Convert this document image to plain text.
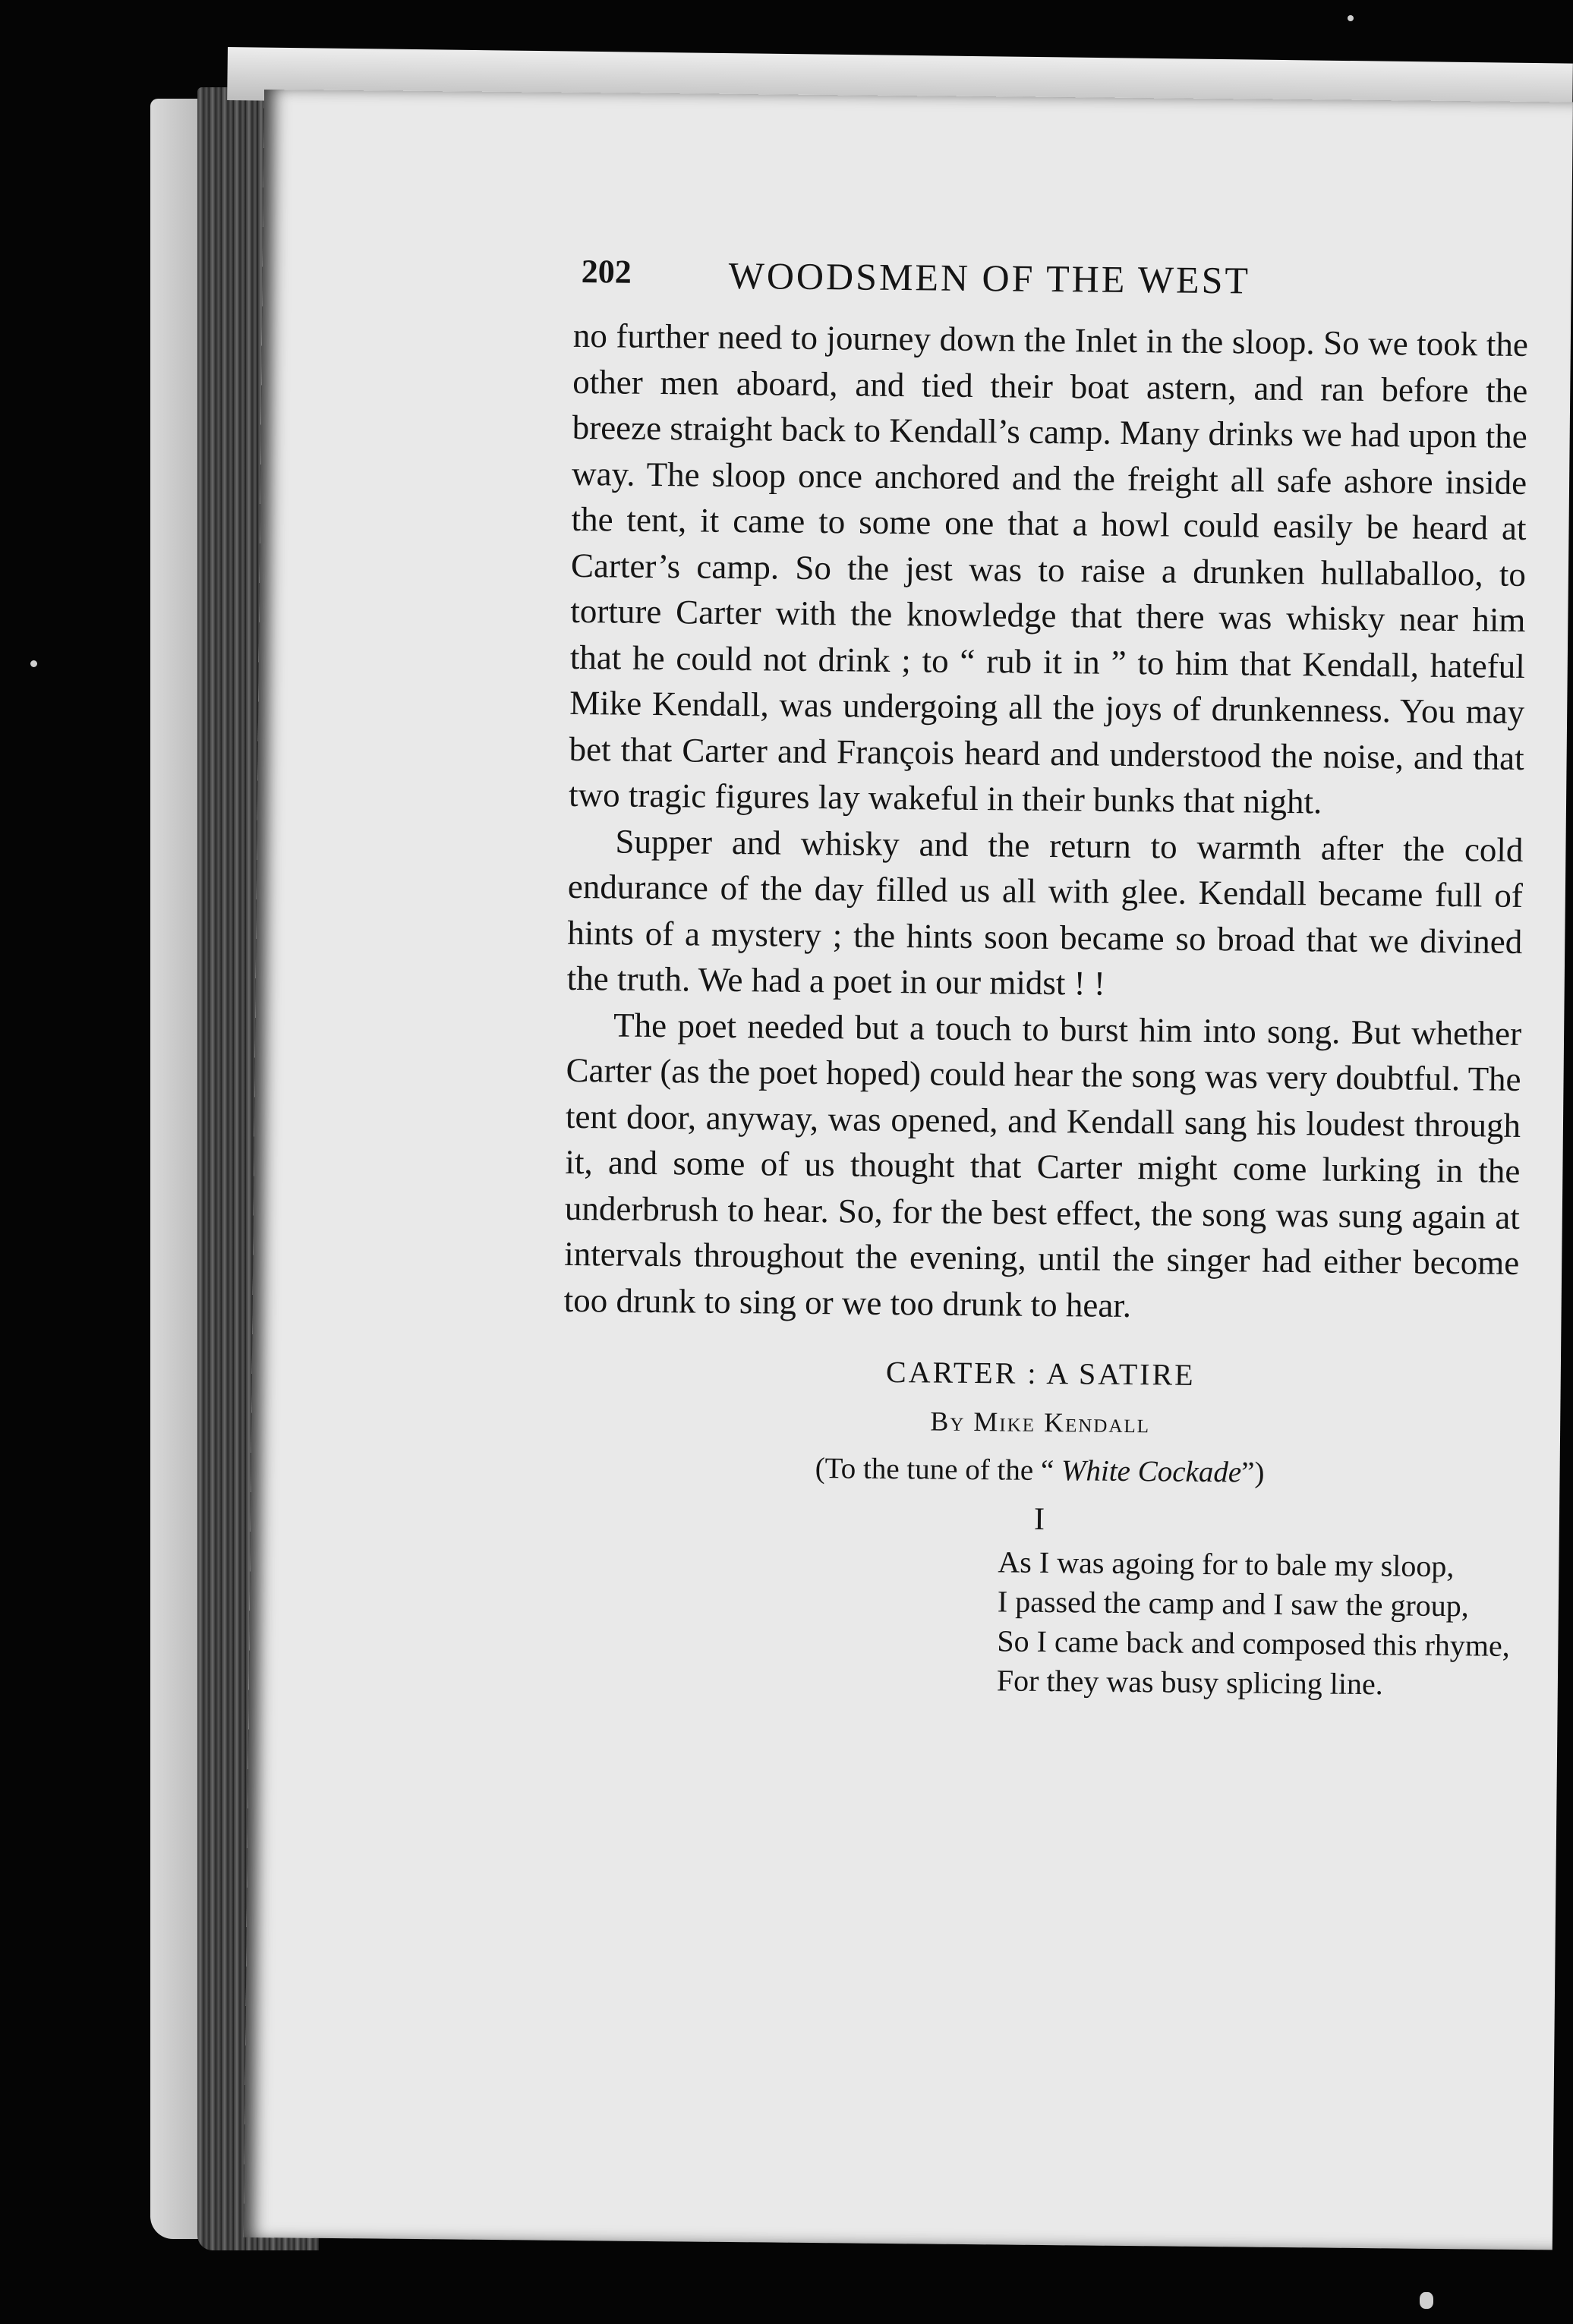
202	WOODSMEN OF THE WEST

no further need to journey down the Inlet in the sloop. So we took the other men aboard, and tied their boat astern, and ran before the breeze straight back to Kendall’s camp. Many drinks we had upon the way. The sloop once anchored and the freight all safe ashore inside the tent, it came to some one that a howl could easily be heard at Carter’s camp. So the jest was to raise a drunken hullaballoo, to torture Carter with the knowledge that there was whisky near him that he could not drink ; to “ rub it in ” to him that Kendall, hateful Mike Kendall, was undergoing all the joys of drunkenness. You may bet that Carter and François heard and understood the noise, and that two tragic figures lay wakeful in their bunks that night.

Supper and whisky and the return to warmth after the cold endurance of the day filled us all with glee. Kendall became full of hints of a mystery ; the hints soon became so broad that we divined the truth. We had a poet in our midst ! !

The poet needed but a touch to burst him into song. But whether Carter (as the poet hoped) could hear the song was very doubtful. The tent door, anyway, was opened, and Kendall sang his loudest through it, and some of us thought that Carter might come lurking in the underbrush to hear. So, for the best effect, the song was sung again at intervals throughout the evening, until the singer had either become too drunk to sing or we too drunk to hear.

CARTER : A SATIRE
By Mike Kendall
(To the tune of the “ White Cockade”)
I
As I was agoing for to bale my sloop,
I passed the camp and I saw the group,
So I came back and composed this rhyme,
For they was busy splicing line.
